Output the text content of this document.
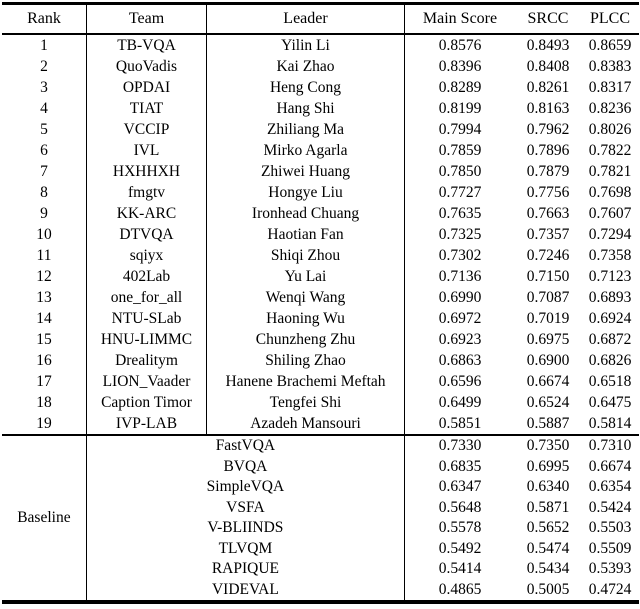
Rank	Team	Leader	Main Score	SRCC	PLCC
1	TB-VQA	Yilin Li	0.8576	0.8493	0.8659
2	QuoVadis	Kai Zhao	0.8396	0.8408	0.8383
3	OPDAI	Heng Cong	0.8289	0.8261	0.8317
4	TIAT	Hang Shi	0.8199	0.8163	0.8236
5	VCCIP	Zhiliang Ma	0.7994	0.7962	0.8026
6	IVL	Mirko Agarla	0.7859	0.7896	0.7822
7	HXHHXH	Zhiwei Huang	0.7850	0.7879	0.7821
8	fmgtv	Hongye Liu	0.7727	0.7756	0.7698
9	KK-ARC	Ironhead Chuang	0.7635	0.7663	0.7607
10	DTVQA	Haotian Fan	0.7325	0.7357	0.7294
11	sqiyx	Shiqi Zhou	0.7302	0.7246	0.7358
12	402Lab	Yu Lai	0.7136	0.7150	0.7123
13	one_for_all	Wenqi Wang	0.6990	0.7087	0.6893
14	NTU-SLab	Haoning Wu	0.6972	0.7019	0.6924
15	HNU-LIMMC	Chunzheng Zhu	0.6923	0.6975	0.6872
16	Drealitym	Shiling Zhao	0.6863	0.6900	0.6826
17	LION_Vaader	Hanene Brachemi Meftah	0.6596	0.6674	0.6518
18	Caption Timor	Tengfei Shi	0.6499	0.6524	0.6475
19	IVP-LAB	Azadeh Mansouri	0.5851	0.5887	0.5814
Baseline
FastVQA	0.7330	0.7350	0.7310
BVQA	0.6835	0.6995	0.6674
SimpleVQA	0.6347	0.6340	0.6354
VSFA	0.5648	0.5871	0.5424
V-BLIINDS	0.5578	0.5652	0.5503
TLVQM	0.5492	0.5474	0.5509
RAPIQUE	0.5414	0.5434	0.5393
VIDEVAL	0.4865	0.5005	0.4724
